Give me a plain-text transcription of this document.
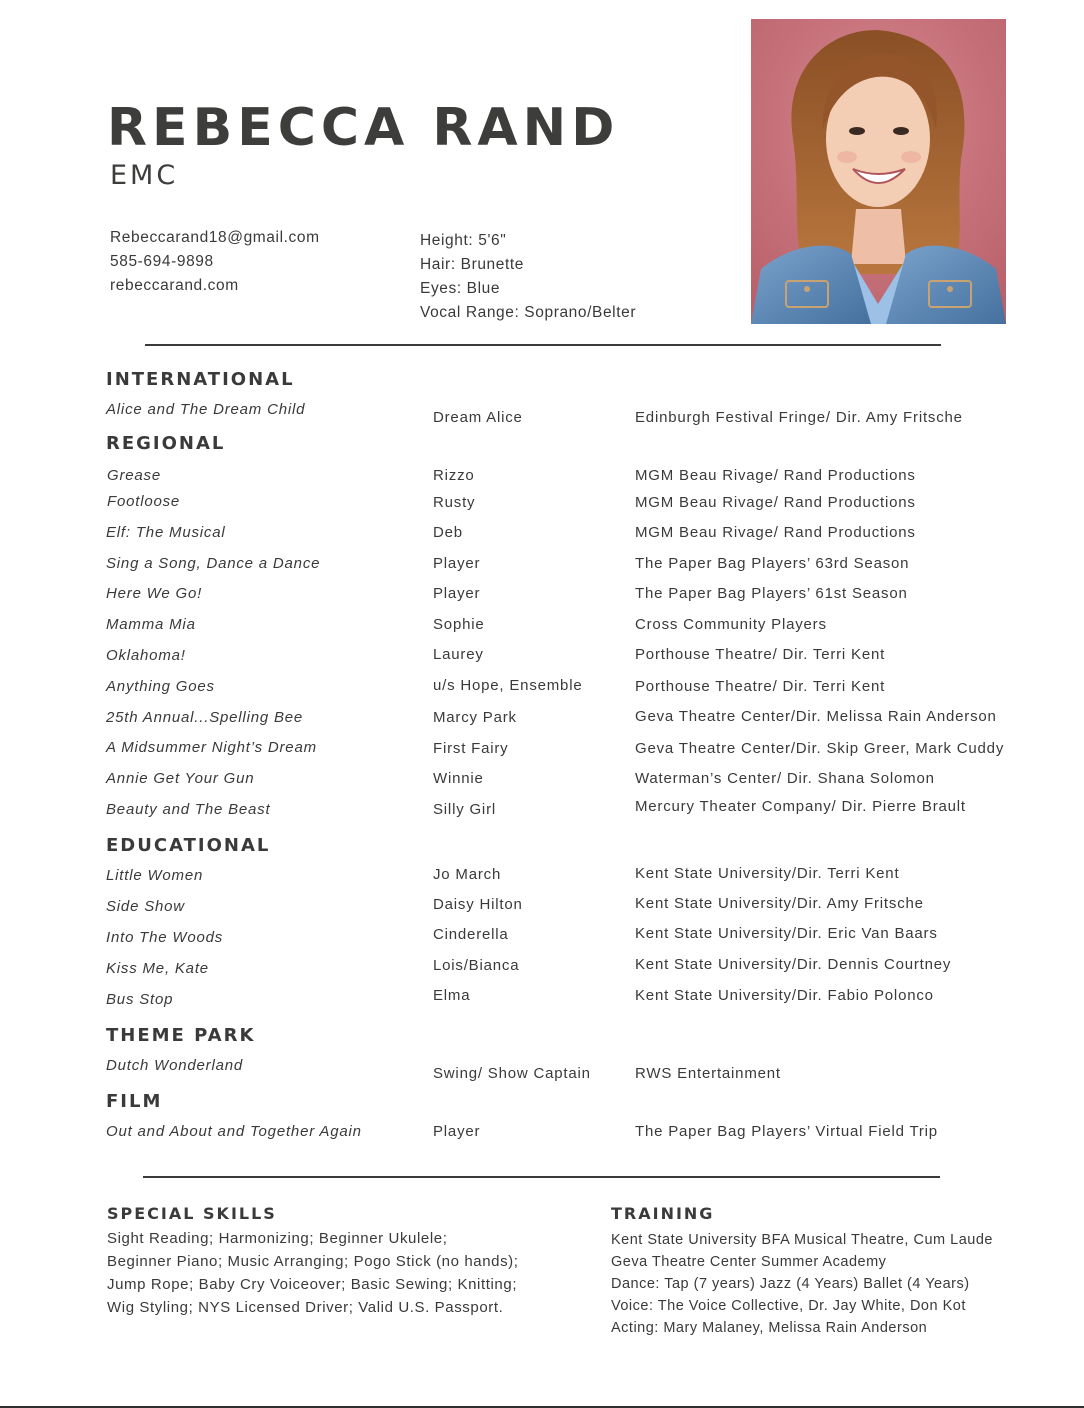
REBECCA RAND
EMC
Rebeccarand18@gmail.com
585-694-9898
rebeccarand.com
Height: 5'6"
Hair: Brunette
Eyes: Blue
Vocal Range: Soprano/Belter
INTERNATIONAL
Alice and The Dream Child	Dream Alice	Edinburgh Festival Fringe/ Dir. Amy Fritsche
REGIONAL
Grease	Rizzo	MGM Beau Rivage/ Rand Productions
Footloose	Rusty	MGM Beau Rivage/ Rand Productions
Elf: The Musical	Deb	MGM Beau Rivage/ Rand Productions
Sing a Song, Dance a Dance	Player	The Paper Bag Players’ 63rd Season
Here We Go!	Player	The Paper Bag Players’ 61st Season
Mamma Mia	Sophie	Cross Community Players
Oklahoma!	Laurey	Porthouse Theatre/ Dir. Terri Kent
Anything Goes	u/s Hope, Ensemble	Porthouse Theatre/ Dir. Terri Kent
25th Annual...Spelling Bee	Marcy Park	Geva Theatre Center/Dir. Melissa Rain Anderson
A Midsummer Night’s Dream	First Fairy	Geva Theatre Center/Dir. Skip Greer, Mark Cuddy
Annie Get Your Gun	Winnie	Waterman’s Center/ Dir. Shana Solomon
Beauty and The Beast	Silly Girl	Mercury Theater Company/ Dir. Pierre Brault
EDUCATIONAL
Little Women	Jo March	Kent State University/Dir. Terri Kent
Side Show	Daisy Hilton	Kent State University/Dir. Amy Fritsche
Into The Woods	Cinderella	Kent State University/Dir. Eric Van Baars
Kiss Me, Kate	Lois/Bianca	Kent State University/Dir. Dennis Courtney
Bus Stop	Elma	Kent State University/Dir. Fabio Polonco
THEME PARK
Dutch Wonderland	Swing/ Show Captain	RWS Entertainment
FILM
Out and About and Together Again	Player	The Paper Bag Players’ Virtual Field Trip
SPECIAL SKILLS
Sight Reading; Harmonizing; Beginner Ukulele;
Beginner Piano; Music Arranging; Pogo Stick (no hands);
Jump Rope; Baby Cry Voiceover; Basic Sewing; Knitting;
Wig Styling; NYS Licensed Driver; Valid U.S. Passport.
TRAINING
Kent State University BFA Musical Theatre, Cum Laude
Geva Theatre Center Summer Academy
Dance: Tap (7 years) Jazz (4 Years) Ballet (4 Years)
Voice: The Voice Collective, Dr. Jay White, Don Kot
Acting: Mary Malaney, Melissa Rain Anderson
